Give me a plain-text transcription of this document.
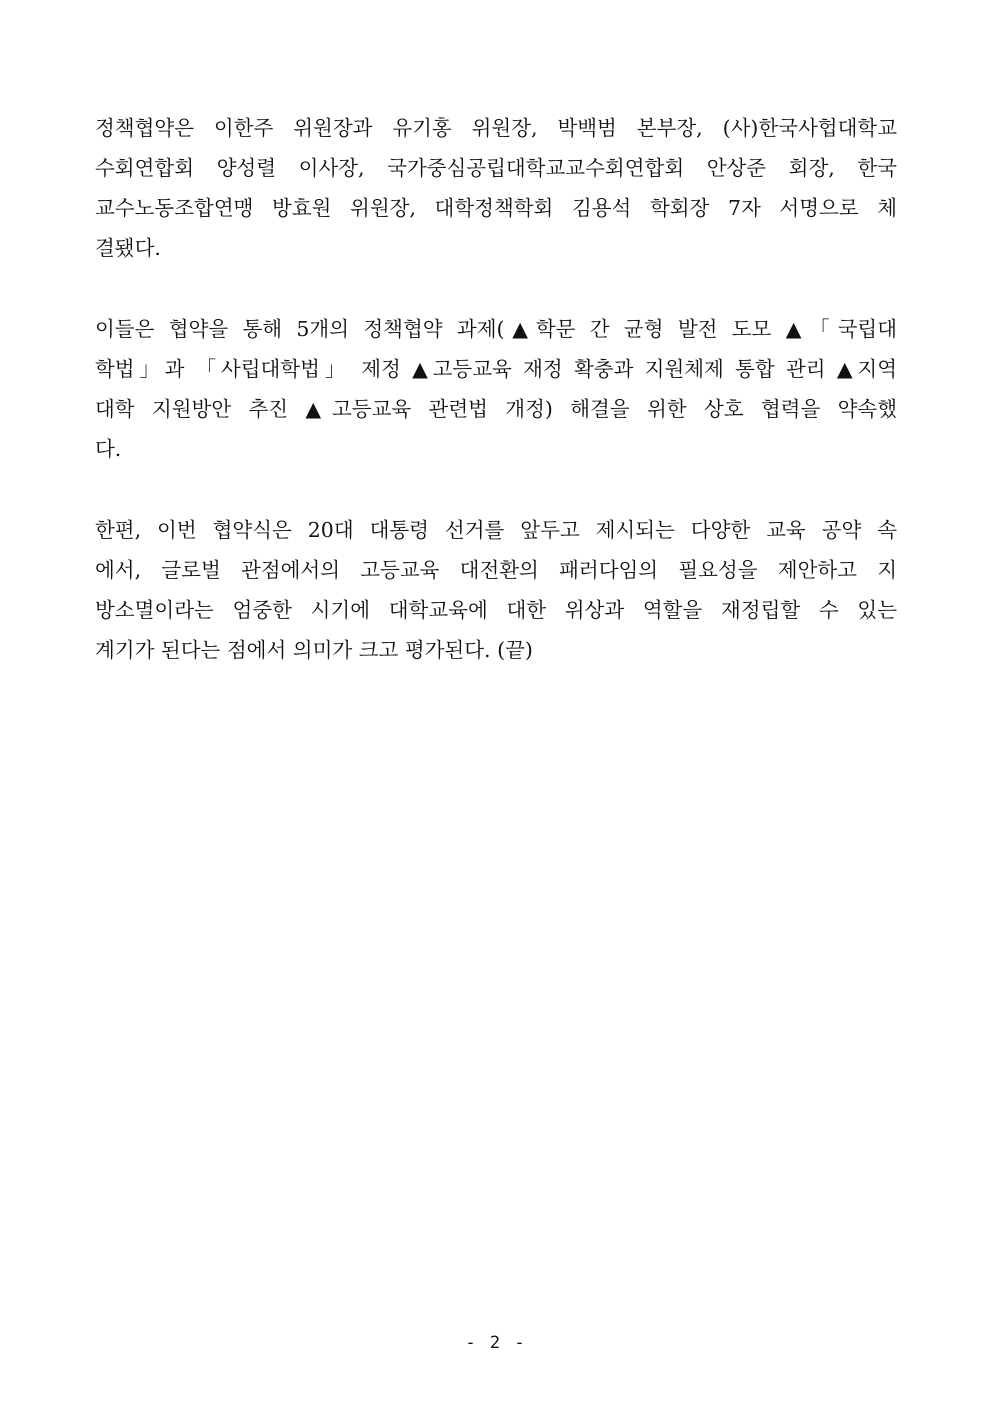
정책협약은 이한주 위원장과 유기홍 위원장, 박백범 본부장, (사)한국사헙대학교
수회연합회 양성렬 이사장, 국가중심공립대학교교수회연합회 안상준 회장, 한국
교수노동조합연맹 방효원 위원장, 대학정책학회 김용석 학회장 7자 서명으로 체
결됐다.

이들은 협약을 통해 5개의 정책협약 과제(▲학문 간 균형 발전 도모 ▲「국립대
학법」과 「사립대학법」 제정 ▲고등교육 재정 확충과 지원체제 통합 관리 ▲지역
대학 지원방안 추진 ▲고등교육 관련법 개정) 해결을 위한 상호 협력을 약속했
다.

한편, 이번 협약식은 20대 대통령 선거를 앞두고 제시되는 다양한 교육 공약 속
에서, 글로벌 관점에서의 고등교육 대전환의 패러다임의 필요성을 제안하고 지
방소멸이라는 엄중한 시기에 대학교육에 대한 위상과 역할을 재정립할 수 있는
계기가 된다는 점에서 의미가 크고 평가된다. (끝)

- 2 -
